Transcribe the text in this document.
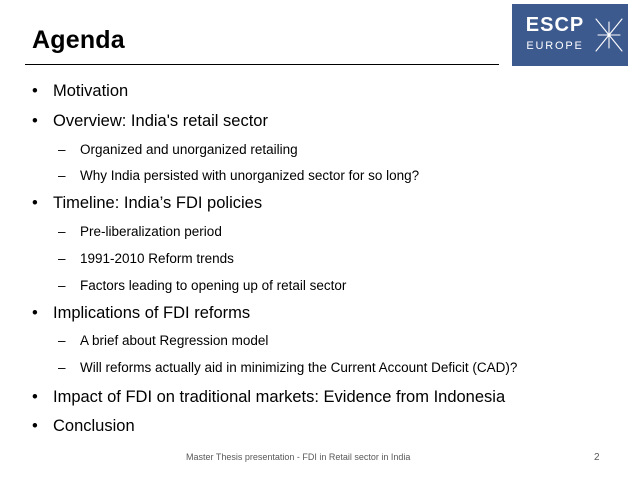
Agenda
ESCP
EUROPE
• Motivation
• Overview: India's retail sector
– Organized and unorganized retailing
– Why India persisted with unorganized sector for so long?
• Timeline: India’s FDI policies
– Pre-liberalization period
– 1991-2010 Reform trends
– Factors leading to opening up of retail sector
• Implications of FDI reforms
– A brief about Regression model
– Will reforms actually aid in minimizing the Current Account Deficit (CAD)?
• Impact of FDI on traditional markets: Evidence from Indonesia
• Conclusion
Master Thesis presentation - FDI in Retail sector in India	2
